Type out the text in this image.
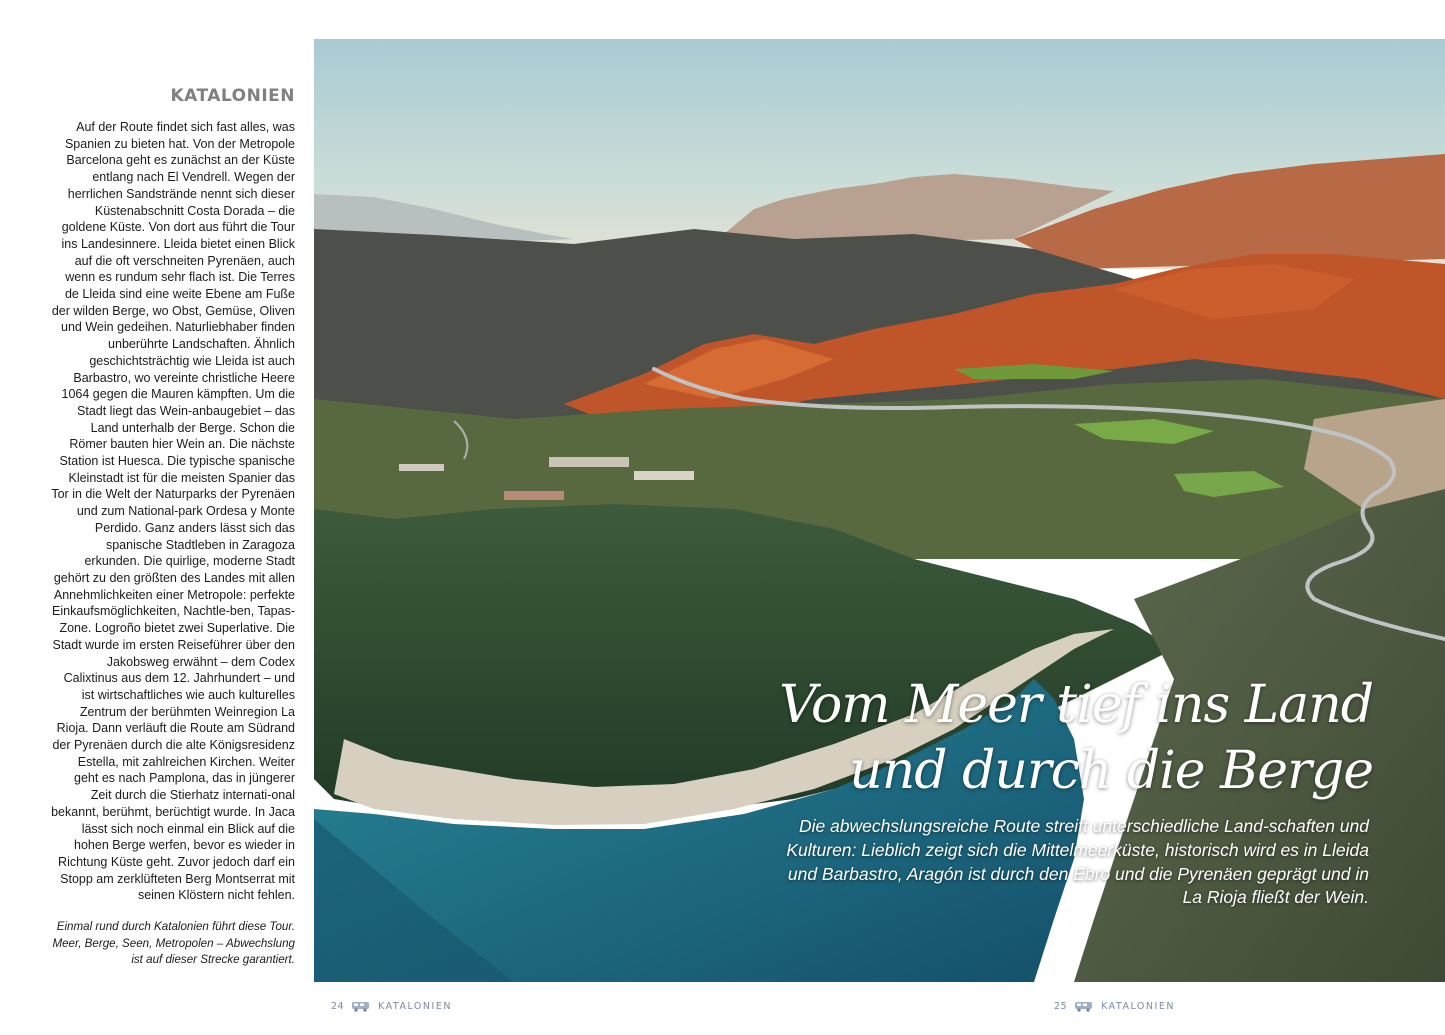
KATALONIEN

Auf der Route findet sich fast alles, was Spanien zu bieten hat. Von der Metropole Barcelona geht es zunächst an der Küste entlang nach El Vendrell. Wegen der herrlichen Sandstrände nennt sich dieser Küstenabschnitt Costa Dorada – die goldene Küste. Von dort aus führt die Tour ins Landesinnere. Lleida bietet einen Blick auf die oft verschneiten Pyrenäen, auch wenn es rundum sehr flach ist. Die Terres de Lleida sind eine weite Ebene am Fuße der wilden Berge, wo Obst, Gemüse, Oliven und Wein gedeihen. Naturliebhaber finden unberührte Landschaften. Ähnlich geschichtsträchtig wie Lleida ist auch Barbastro, wo vereinte christliche Heere 1064 gegen die Mauren kämpften. Um die Stadt liegt das Wein-anbaugebiet – das Land unterhalb der Berge. Schon die Römer bauten hier Wein an. Die nächste Station ist Huesca. Die typische spanische Kleinstadt ist für die meisten Spanier das Tor in die Welt der Naturparks der Pyrenäen und zum National-park Ordesa y Monte Perdido. Ganz anders lässt sich das spanische Stadtleben in Zaragoza erkunden. Die quirlige, moderne Stadt gehört zu den größten des Landes mit allen Annehmlichkeiten einer Metropole: perfekte Einkaufsmöglichkeiten, Nachtle-ben, Tapas-Zone. Logroño bietet zwei Superlative. Die Stadt wurde im ersten Reiseführer über den Jakobsweg erwähnt – dem Codex Calixtinus aus dem 12. Jahrhundert – und ist wirtschaftliches wie auch kulturelles Zentrum der berühmten Weinregion La Rioja. Dann verläuft die Route am Südrand der Pyrenäen durch die alte Königsresidenz Estella, mit zahlreichen Kirchen. Weiter geht es nach Pamplona, das in jüngerer Zeit durch die Stierhatz internati-onal bekannt, berühmt, berüchtigt wurde. In Jaca lässt sich noch einmal ein Blick auf die hohen Berge werfen, bevor es wieder in Richtung Küste geht. Zuvor jedoch darf ein Stopp am zerklüfteten Berg Montserrat mit seinen Klöstern nicht fehlen.

Einmal rund durch Katalonien führt diese Tour. Meer, Berge, Seen, Metropolen – Abwechslung ist auf dieser Strecke garantiert.

Vom Meer tief ins Land
und durch die Berge

Die abwechslungsreiche Route streift unterschiedliche Land-schaften und Kulturen: Lieblich zeigt sich die Mittelmeerküste, historisch wird es in Lleida und Barbastro, Aragón ist durch den Ebro und die Pyrenäen geprägt und in La Rioja fließt der Wein.

24	KATALONIEN	25	KATALONIEN
